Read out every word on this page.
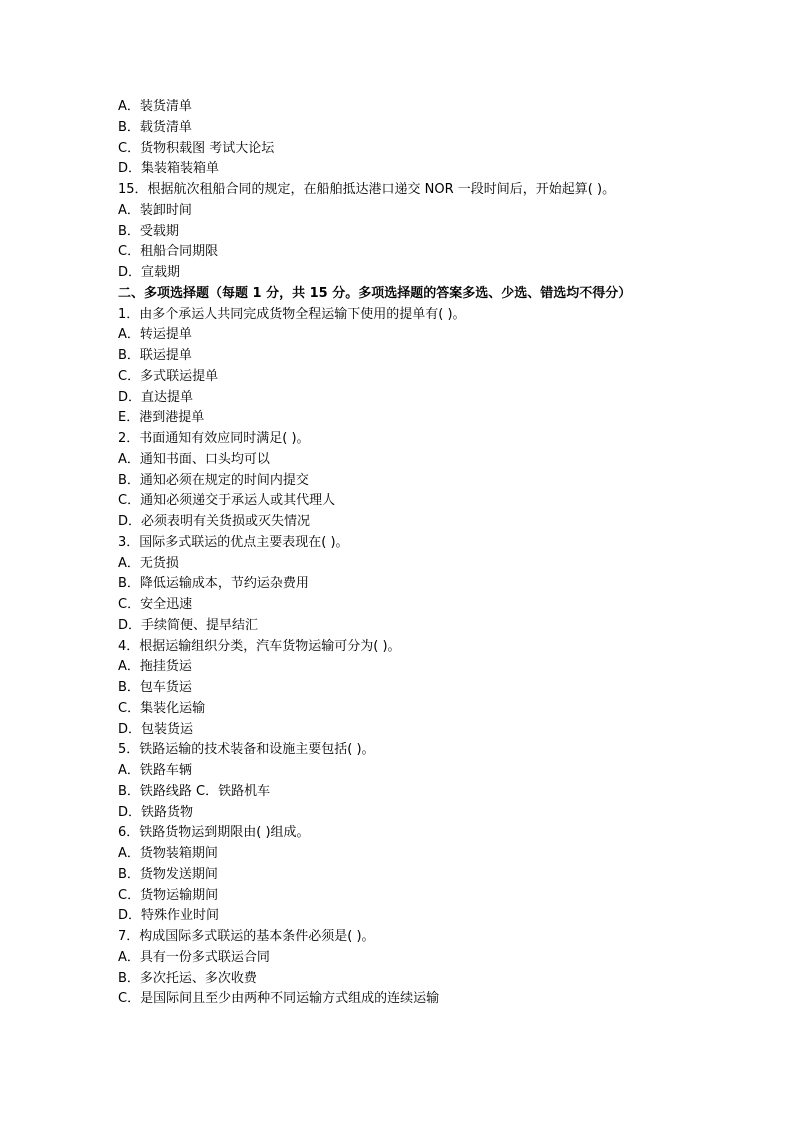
A．装货清单
B．载货清单
C．货物积载图 考试大论坛
D．集装箱装箱单
15．根据航次租船合同的规定，在船舶抵达港口递交 NOR 一段时间后，开始起算( )。
A．装卸时间
B．受载期
C．租船合同期限
D．宣载期
二、多项选择题（每题 1 分，共 15 分。多项选择题的答案多选、少选、错选均不得分）
1．由多个承运人共同完成货物全程运输下使用的提单有( )。
A．转运提单
B．联运提单
C．多式联运提单
D．直达提单
E．港到港提单
2．书面通知有效应同时满足( )。
A．通知书面、口头均可以
B．通知必须在规定的时间内提交
C．通知必须递交于承运人或其代理人
D．必须表明有关货损或灭失情况
3．国际多式联运的优点主要表现在( )。
A．无货损
B．降低运输成本，节约运杂费用
C．安全迅速
D．手续简便、提早结汇
4．根据运输组织分类，汽车货物运输可分为( )。
A．拖挂货运
B．包车货运
C．集装化运输
D．包装货运
5．铁路运输的技术装备和设施主要包括( )。
A．铁路车辆
B．铁路线路 C．铁路机车
D．铁路货物
6．铁路货物运到期限由( )组成。
A．货物装箱期间
B．货物发送期间
C．货物运输期间
D．特殊作业时间
7．构成国际多式联运的基本条件必须是( )。
A．具有一份多式联运合同
B．多次托运、多次收费
C．是国际间且至少由两种不同运输方式组成的连续运输
